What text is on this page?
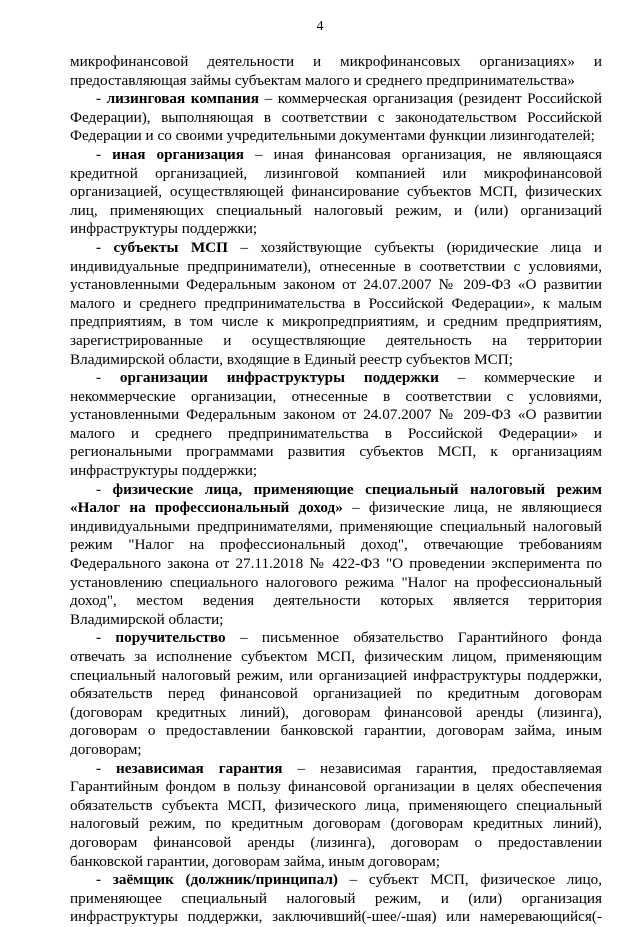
4
микрофинансовой деятельности и микрофинансовых организациях» и
предоставляющая займы субъектам малого и среднего предпринимательства»
- лизинговая компания – коммерческая организация (резидент Российской
Федерации), выполняющая в соответствии с законодательством Российской
Федерации и со своими учредительными документами функции лизингодателей;
- иная организация – иная финансовая организация, не являющаяся
кредитной организацией, лизинговой компанией или микрофинансовой
организацией, осуществляющей финансирование субъектов МСП, физических
лиц, применяющих специальный налоговый режим, и (или) организаций
инфраструктуры поддержки;
- субъекты МСП – хозяйствующие субъекты (юридические лица и
индивидуальные предприниматели), отнесенные в соответствии с условиями,
установленными Федеральным законом от 24.07.2007 № 209-ФЗ «О развитии
малого и среднего предпринимательства в Российской Федерации», к малым
предприятиям, в том числе к микропредприятиям, и средним предприятиям,
зарегистрированные и осуществляющие деятельность на территории
Владимирской области, входящие в Единый реестр субъектов МСП;
- организации инфраструктуры поддержки – коммерческие и
некоммерческие организации, отнесенные в соответствии с условиями,
установленными Федеральным законом от 24.07.2007 № 209-ФЗ «О развитии
малого и среднего предпринимательства в Российской Федерации» и
региональными программами развития субъектов МСП, к организациям
инфраструктуры поддержки;
- физические лица, применяющие специальный налоговый режим
«Налог на профессиональный доход» – физические лица, не являющиеся
индивидуальными предпринимателями, применяющие специальный налоговый
режим "Налог на профессиональный доход", отвечающие требованиям
Федерального закона от 27.11.2018 № 422-ФЗ "О проведении эксперимента по
установлению специального налогового режима "Налог на профессиональный
доход", местом ведения деятельности которых является территория
Владимирской области;
- поручительство – письменное обязательство Гарантийного фонда
отвечать за исполнение субъектом МСП, физическим лицом, применяющим
специальный налоговый режим, или организацией инфраструктуры поддержки,
обязательств перед финансовой организацией по кредитным договорам
(договорам кредитных линий), договорам финансовой аренды (лизинга),
договорам о предоставлении банковской гарантии, договорам займа, иным
договорам;
- независимая гарантия – независимая гарантия, предоставляемая
Гарантийным фондом в пользу финансовой организации в целях обеспечения
обязательств субъекта МСП, физического лица, применяющего специальный
налоговый режим, по кредитным договорам (договорам кредитных линий),
договорам финансовой аренды (лизинга), договорам о предоставлении
банковской гарантии, договорам займа, иным договорам;
- заёмщик (должник/принципал) – субъект МСП, физическое лицо,
применяющее специальный налоговый режим, и (или) организация
инфраструктуры поддержки, заключивший(-шее/-шая) или намеревающийся(-
